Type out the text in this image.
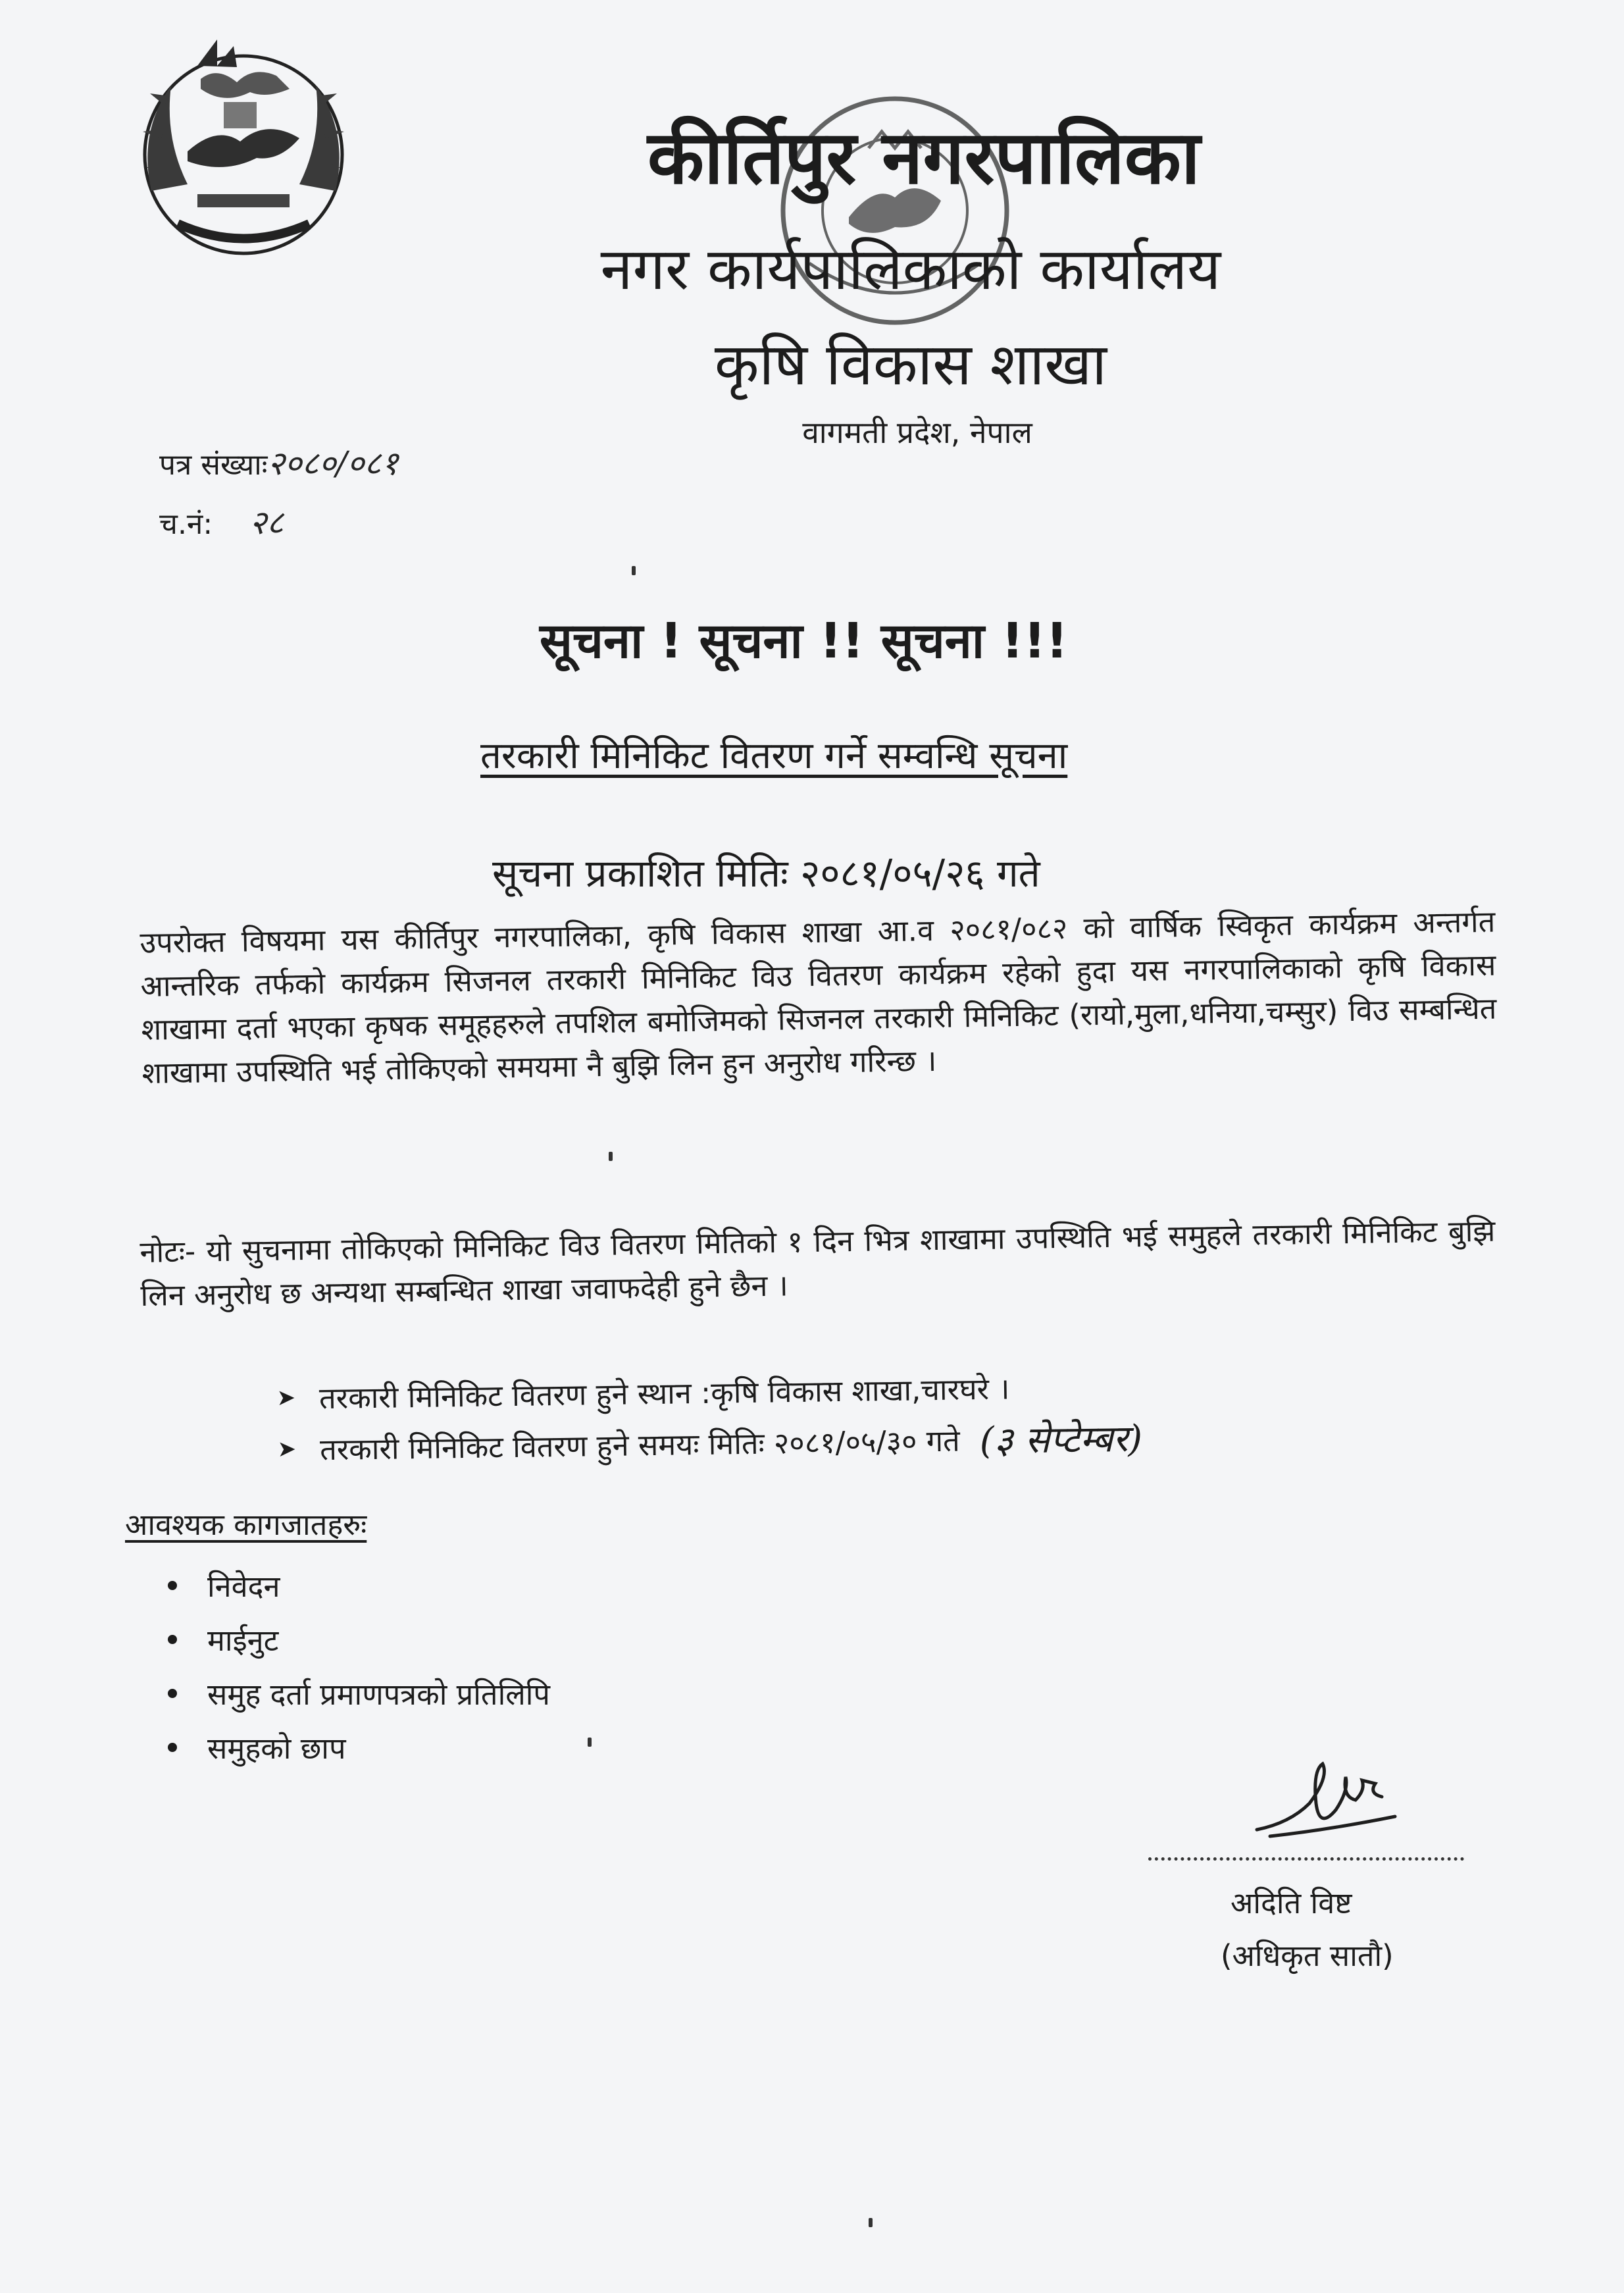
कीर्तिपुर नगरपालिका
नगर कार्यपालिकाको कार्यालय
कृषि विकास शाखा
वागमती प्रदेश, नेपाल
पत्र संख्याः२०८०/०८१
च.नं: २८
सूचना ! सूचना !! सूचना !!!
तरकारी मिनिकिट वितरण गर्ने सम्वन्धि सूचना
सूचना प्रकाशित मितिः २०८१/०५/२६ गते
उपरोक्त विषयमा यस कीर्तिपुर नगरपालिका, कृषि विकास शाखा आ.व २०८१/०८२ को वार्षिक स्विकृत कार्यक्रम अन्तर्गत आन्तरिक तर्फको कार्यक्रम सिजनल तरकारी मिनिकिट विउ वितरण कार्यक्रम रहेको हुदा यस नगरपालिकाको कृषि विकास शाखामा दर्ता भएका कृषक समूहहरुले तपशिल बमोजिमको सिजनल तरकारी मिनिकिट (रायो,मुला,धनिया,चम्सुर) विउ सम्बन्धित शाखामा उपस्थिति भई तोकिएको समयमा नै बुझि लिन हुन अनुरोध गरिन्छ ।
नोटः- यो सुचनामा तोकिएको मिनिकिट विउ वितरण मितिको १ दिन भित्र शाखामा उपस्थिति भई समुहले तरकारी मिनिकिट बुझि लिन अनुरोध छ अन्यथा सम्बन्धित शाखा जवाफदेही हुने छैन ।
➤ तरकारी मिनिकिट वितरण हुने स्थान :कृषि विकास शाखा,चारघरे ।
➤ तरकारी मिनिकिट वितरण हुने समयः मितिः २०८१/०५/३० गते (३ सेप्टेम्बर)
आवश्यक कागजातहरुः
निवेदन
माईनुट
समुह दर्ता प्रमाणपत्रको प्रतिलिपि
समुहको छाप
अदिति विष्ट
(अधिकृत सातौ)
